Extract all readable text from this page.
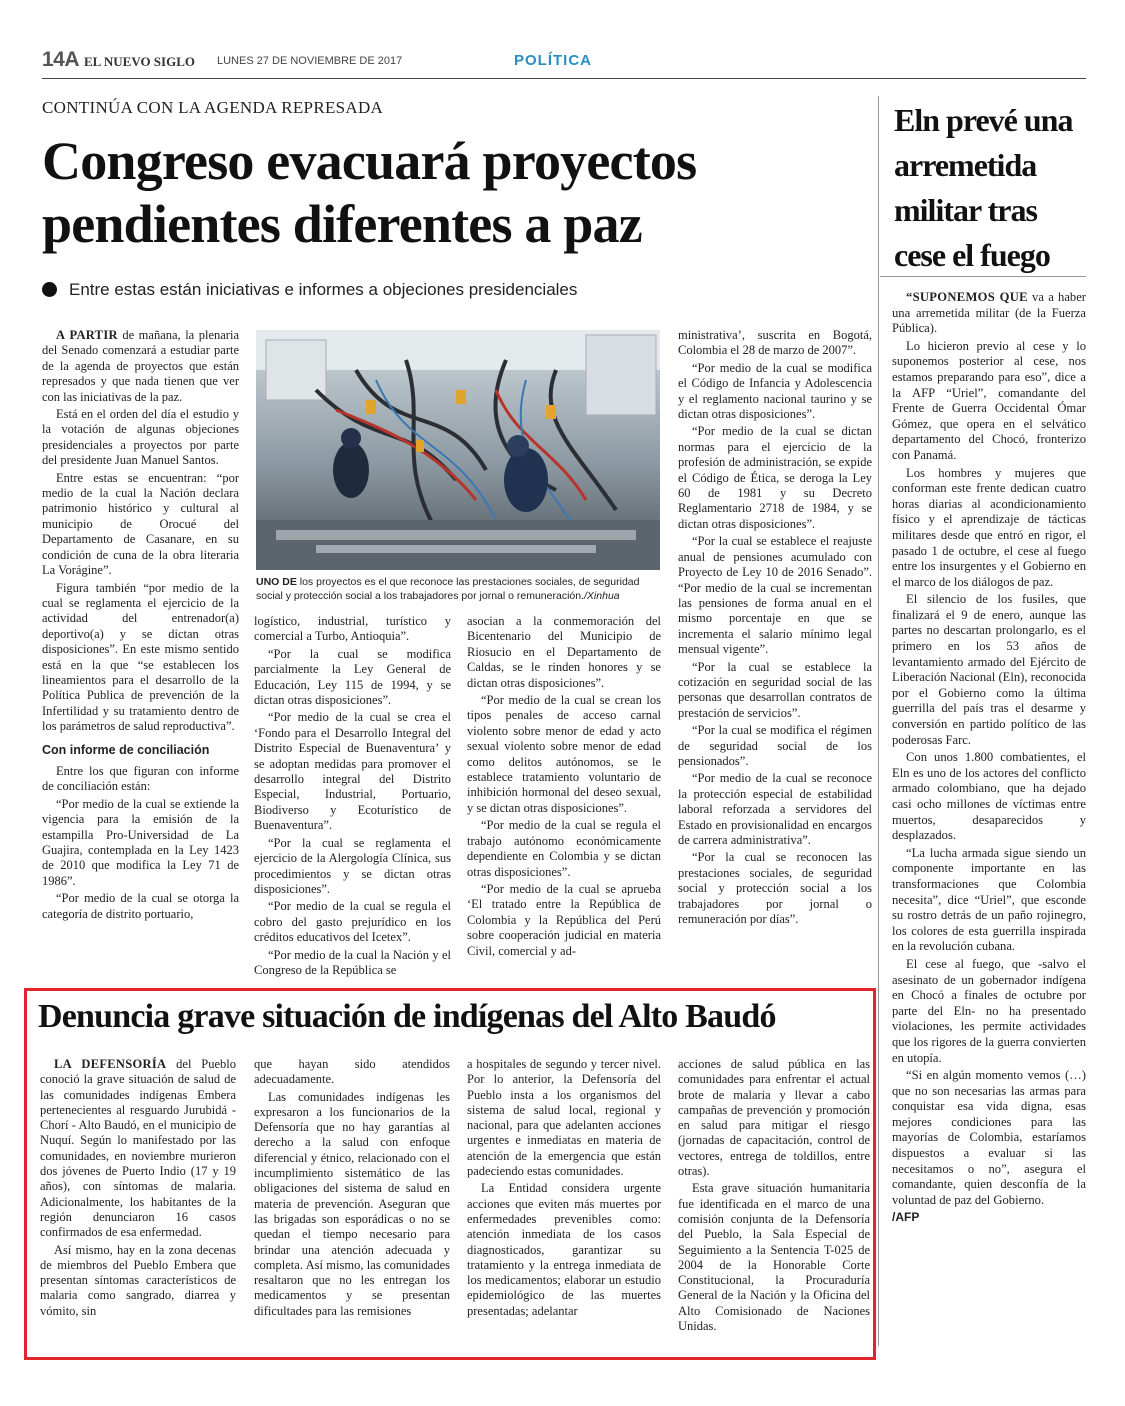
14A EL NUEVO SIGLO LUNES 27 DE NOVIEMBRE DE 2017	POLÍTICA
CONTINÚA CON LA AGENDA REPRESADA
Congreso evacuará proyectos pendientes diferentes a paz
Entre estas están iniciativas e informes a objeciones presidenciales

A PARTIR de mañana, la plenaria del Senado comenzará a estudiar parte de la agenda de proyectos que están represados y que nada tienen que ver con las iniciativas de la paz.

Está en el orden del día el estudio y la votación de algunas objeciones presidenciales a proyectos por parte del presidente Juan Manuel Santos.

Entre estas se encuentran: “por medio de la cual la Nación declara patrimonio histórico y cultural al municipio de Orocué del Departamento de Casanare, en su condición de cuna de la obra literaria La Vorágine”.

Figura también “por medio de la cual se reglamenta el ejercicio de la actividad del entrenador(a) deportivo(a) y se dictan otras disposiciones”. En este mismo sentido está en la que “se establecen los lineamientos para el desarrollo de la Política Publica de prevención de la Infertilidad y su tratamiento dentro de los parámetros de salud reproductiva”.

Con informe de conciliación

Entre los que figuran con informe de conciliación están:

“Por medio de la cual se extiende la vigencia para la emisión de la estampilla Pro-Universidad de La Guajira, contemplada en la Ley 1423 de 2010 que modifica la Ley 71 de 1986”.

“Por medio de la cual se otorga la categoría de distrito portuario,

UNO DE los proyectos es el que reconoce las prestaciones sociales, de seguridad social y protección social a los trabajadores por jornal o remuneración./Xinhua

logístico, industrial, turístico y comercial a Turbo, Antioquia”.

“Por la cual se modifica parcialmente la Ley General de Educación, Ley 115 de 1994, y se dictan otras disposiciones”.

“Por medio de la cual se crea el ‘Fondo para el Desarrollo Integral del Distrito Especial de Buenaventura’ y se adoptan medidas para promover el desarrollo integral del Distrito Especial, Industrial, Portuario, Biodiverso y Ecoturístico de Buenaventura”.

“Por la cual se reglamenta el ejercicio de la Alergología Clínica, sus procedimientos y se dictan otras disposiciones”.

“Por medio de la cual se regula el cobro del gasto prejurídico en los créditos educativos del Icetex”.

“Por medio de la cual la Nación y el Congreso de la República se

asocian a la conmemoración del Bicentenario del Municipio de Riosucio en el Departamento de Caldas, se le rinden honores y se dictan otras disposiciones”.

“Por medio de la cual se crean los tipos penales de acceso carnal violento sobre menor de edad y acto sexual violento sobre menor de edad como delitos autónomos, se le establece tratamiento voluntario de inhibición hormonal del deseo sexual, y se dictan otras disposiciones”.

“Por medio de la cual se regula el trabajo autónomo económicamente dependiente en Colombia y se dictan otras disposiciones”.

“Por medio de la cual se aprueba ‘El tratado entre la República de Colombia y la República del Perú sobre cooperación judicial en materia Civil, comercial y ad-

ministrativa’, suscrita en Bogotá, Colombia el 28 de marzo de 2007”.

“Por medio de la cual se modifica el Código de Infancia y Adolescencia y el reglamento nacional taurino y se dictan otras disposiciones”.

“Por medio de la cual se dictan normas para el ejercicio de la profesión de administración, se expide el Código de Ética, se deroga la Ley 60 de 1981 y su Decreto Reglamentario 2718 de 1984, y se dictan otras disposiciones”.

“Por la cual se establece el reajuste anual de pensiones acumulado con Proyecto de Ley 10 de 2016 Senado”. “Por medio de la cual se incrementan las pensiones de forma anual en el mismo porcentaje en que se incrementa el salario mínimo legal mensual vigente”.

“Por la cual se establece la cotización en seguridad social de las personas que desarrollan contratos de prestación de servicios”.

“Por la cual se modifica el régimen de seguridad social de los pensionados”.

“Por medio de la cual se reconoce la protección especial de estabilidad laboral reforzada a servidores del Estado en provisionalidad en encargos de carrera administrativa”.

“Por la cual se reconocen las prestaciones sociales, de seguridad social y protección social a los trabajadores por jornal o remuneración por días”.

Eln prevé una arremetida militar tras cese el fuego

“SUPONEMOS QUE va a haber una arremetida militar (de la Fuerza Pública).

Lo hicieron previo al cese y lo suponemos posterior al cese, nos estamos preparando para eso”, dice a la AFP “Uriel”, comandante del Frente de Guerra Occidental Ómar Gómez, que opera en el selvático departamento del Chocó, fronterizo con Panamá.

Los hombres y mujeres que conforman este frente dedican cuatro horas diarias al acondicionamiento físico y el aprendizaje de tácticas militares desde que entró en rigor, el pasado 1 de octubre, el cese al fuego entre los insurgentes y el Gobierno en el marco de los diálogos de paz.

El silencio de los fusiles, que finalizará el 9 de enero, aunque las partes no descartan prolongarlo, es el primero en los 53 años de levantamiento armado del Ejército de Liberación Nacional (Eln), reconocida por el Gobierno como la última guerrilla del país tras el desarme y conversión en partido político de las poderosas Farc.

Con unos 1.800 combatientes, el Eln es uno de los actores del conflicto armado colombiano, que ha dejado casi ocho millones de víctimas entre muertos, desaparecidos y desplazados.

“La lucha armada sigue siendo un componente importante en las transformaciones que Colombia necesita”, dice “Uriel”, que esconde su rostro detrás de un paño rojinegro, los colores de esta guerrilla inspirada en la revolución cubana.

El cese al fuego, que -salvo el asesinato de un gobernador indígena en Chocó a finales de octubre por parte del Eln- no ha presentado violaciones, les permite actividades que los rigores de la guerra convierten en utopía.

“Si en algún momento vemos (…) que no son necesarias las armas para conquistar esa vida digna, esas mejores condiciones para las mayorías de Colombia, estaríamos dispuestos a evaluar si las necesitamos o no”, asegura el comandante, quien desconfía de la voluntad de paz del Gobierno.

/AFP
Denuncia grave situación de indígenas del Alto Baudó

LA DEFENSORÍA del Pueblo conoció la grave situación de salud de las comunidades indígenas Embera pertenecientes al resguardo Jurubidá - Chorí - Alto Baudó, en el municipio de Nuquí. Según lo manifestado por las comunidades, en noviembre murieron dos jóvenes de Puerto Indio (17 y 19 años), con síntomas de malaria. Adicionalmente, los habitantes de la región denunciaron 16 casos confirmados de esa enfermedad.

Así mismo, hay en la zona decenas de miembros del Pueblo Embera que presentan síntomas característicos de malaria como sangrado, diarrea y vómito, sin

que hayan sido atendidos adecuadamente.

Las comunidades indígenas les expresaron a los funcionarios de la Defensoría que no hay garantías al derecho a la salud con enfoque diferencial y étnico, relacionado con el incumplimiento sistemático de las obligaciones del sistema de salud en materia de prevención. Aseguran que las brigadas son esporádicas o no se quedan el tiempo necesario para brindar una atención adecuada y completa. Así mismo, las comunidades resaltaron que no les entregan los medicamentos y se presentan dificultades para las remisiones

a hospitales de segundo y tercer nivel. Por lo anterior, la Defensoría del Pueblo insta a los organismos del sistema de salud local, regional y nacional, para que adelanten acciones urgentes e inmediatas en materia de atención de la emergencia que están padeciendo estas comunidades.

La Entidad considera urgente acciones que eviten más muertes por enfermedades prevenibles como: atención inmediata de los casos diagnosticados, garantizar su tratamiento y la entrega inmediata de los medicamentos; elaborar un estudio epidemiológico de las muertes presentadas; adelantar

acciones de salud pública en las comunidades para enfrentar el actual brote de malaria y llevar a cabo campañas de prevención y promoción en salud para mitigar el riesgo (jornadas de capacitación, control de vectores, entrega de toldillos, entre otras).

Esta grave situación humanitaria fue identificada en el marco de una comisión conjunta de la Defensoría del Pueblo, la Sala Especial de Seguimiento a la Sentencia T-025 de 2004 de la Honorable Corte Constitucional, la Procuraduría General de la Nación y la Oficina del Alto Comisionado de Naciones Unidas.
